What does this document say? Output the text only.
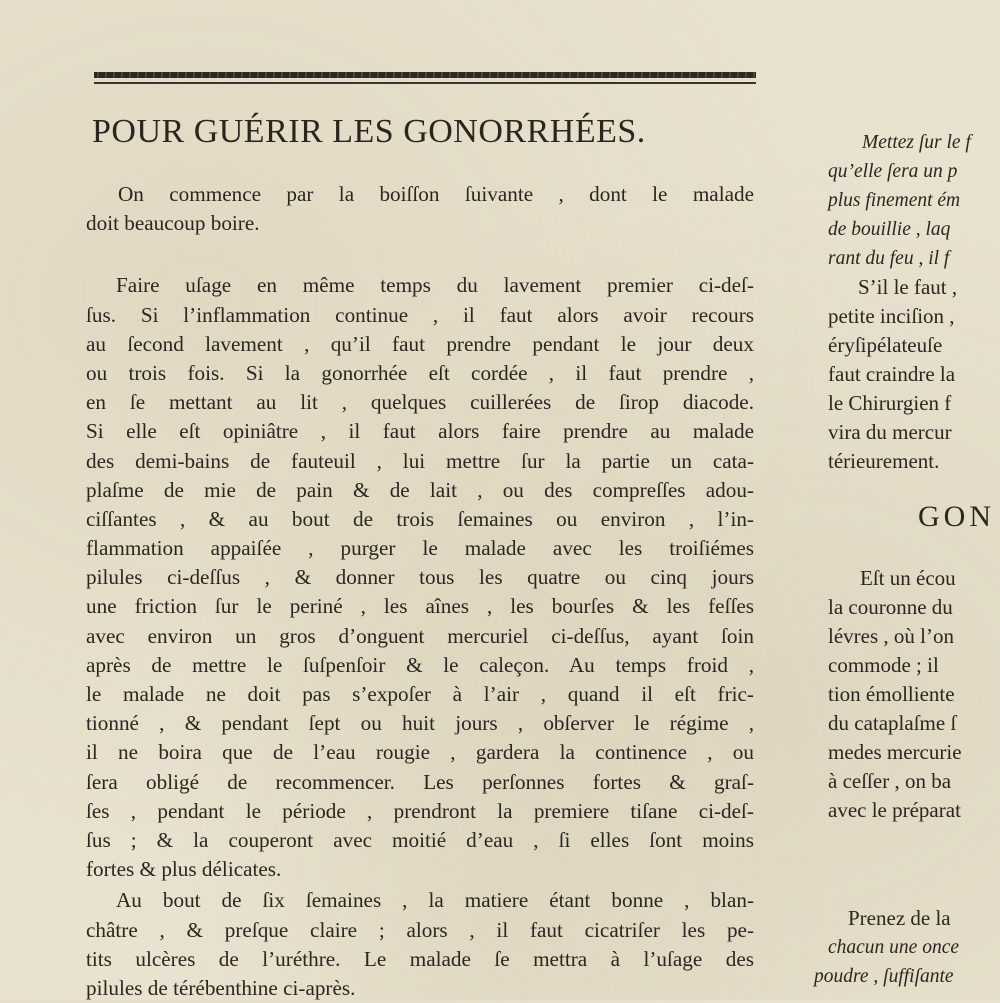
POUR GUÉRIR LES GONORRHÉES.
On commence par la boiſſon ſuivante , dont le malade
doit beaucoup boire.
Faire uſage en même temps du lavement premier ci-deſ-
ſus. Si l’inflammation continue , il faut alors avoir recours
au ſecond lavement , qu’il faut prendre pendant le jour deux
ou trois fois. Si la gonorrhée eſt cordée , il faut prendre ,
en ſe mettant au lit , quelques cuillerées de ſirop diacode.
Si elle eſt opiniâtre , il faut alors faire prendre au malade
des demi-bains de fauteuil , lui mettre ſur la partie un cata-
plaſme de mie de pain & de lait , ou des compreſſes adou-
ciſſantes , & au bout de trois ſemaines ou environ , l’in-
flammation appaiſée , purger le malade avec les troiſiémes
pilules ci-deſſus , & donner tous les quatre ou cinq jours
une friction ſur le periné , les aînes , les bourſes & les feſſes
avec environ un gros d’onguent mercuriel ci-deſſus, ayant ſoin
après de mettre le ſuſpenſoir & le caleçon. Au temps froid ,
le malade ne doit pas s’expoſer à l’air , quand il eſt fric-
tionné , & pendant ſept ou huit jours , obſerver le régime ,
il ne boira que de l’eau rougie , gardera la continence , ou
ſera obligé de recommencer. Les perſonnes fortes & graſ-
ſes , pendant le période , prendront la premiere tiſane ci-deſ-
ſus ; & la couperont avec moitié d’eau , ſi elles ſont moins
fortes & plus délicates.
Au bout de ſix ſemaines , la matiere étant bonne , blan-
châtre , & preſque claire ; alors , il faut cicatriſer les pe-
tits ulcères de l’uréthre. Le malade ſe mettra à l’uſage des
pilules de térébenthine ci-après.
Mettez ſur le f
qu’elle ſera un p
plus finement ém
de bouillie , laq
rant du feu , il f
S’il le faut ,
petite inciſion ,
éryſipélateuſe
faut craindre la
le Chirurgien f
vira du mercur
térieurement.
GON
Eſt un écou
la couronne du
lévres , où l’on
commode ; il
tion émolliente
du cataplaſme ſ
medes mercurie
à ceſſer , on ba
avec le préparat
Prenez de la
chacun une once
poudre , ſuffiſante
